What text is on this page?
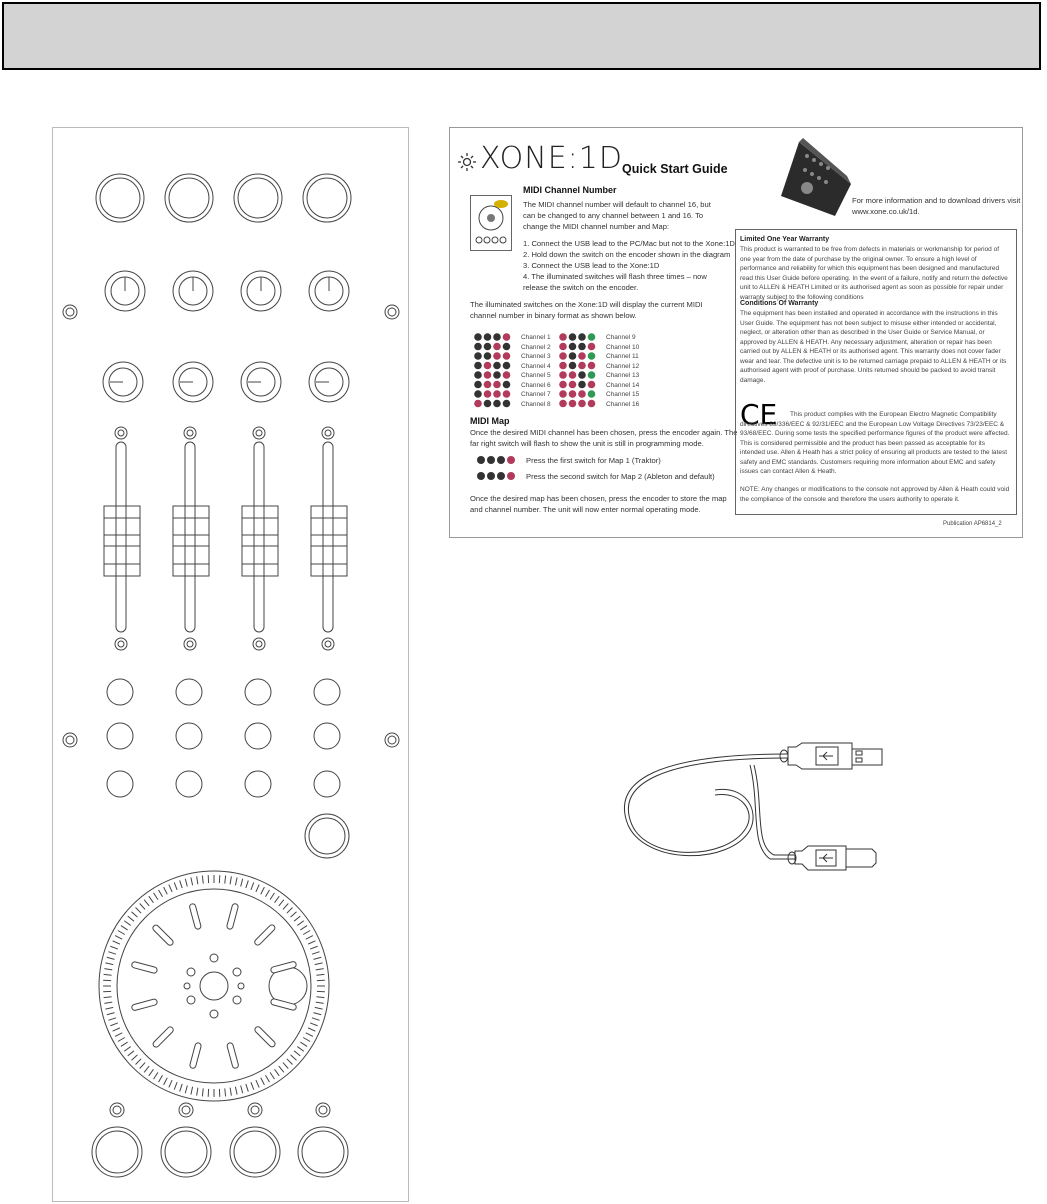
XONE:1D Quick Start Guide
MIDI Channel Number
The MIDI channel number will default to channel 16, but can be changed to any channel between 1 and 16. To change the MIDI channel number and Map:
1. Connect the USB lead to the PC/Mac but not to the Xone:1D
2. Hold down the switch on the encoder shown in the diagram
3. Connect the USB lead to the Xone:1D
4. The illuminated switches will flash three times – now release the switch on the encoder.
The illuminated switches on the Xone:1D will display the current MIDI channel number in binary format as shown below.
Channel 1
Channel 2
Channel 3
Channel 4
Channel 5
Channel 6
Channel 7
Channel 8
Channel 9
Channel 10
Channel 11
Channel 12
Channel 13
Channel 14
Channel 15
Channel 16
MIDI Map
Once the desired MIDI channel has been chosen, press the encoder again. The far right switch will flash to show the unit is still in programming mode.
Press the first switch for Map 1 (Traktor)
Press the second switch for Map 2 (Ableton and default)
Once the desired map has been chosen, press the encoder to store the map and channel number. The unit will now enter normal operating mode.
For more information and to download drivers visit www.xone.co.uk/1d.
Limited One Year Warranty
This product is warranted to be free from defects in materials or workmanship for period of one year from the date of purchase by the original owner. To ensure a high level of performance and reliability for which this equipment has been designed and manufactured read this User Guide before operating. In the event of a failure, notify and return the defective unit to ALLEN & HEATH Limited or its authorised agent as soon as possible for repair under warranty subject to the following conditions
Conditions Of Warranty
The equipment has been installed and operated in accordance with the instructions in this User Guide. The equipment has not been subject to misuse either intended or accidental, neglect, or alteration other than as described in the User Guide or Service Manual, or approved by ALLEN & HEATH. Any necessary adjustment, alteration or repair has been carried out by ALLEN & HEATH or its authorised agent. This warranty does not cover fader wear and tear. The defective unit is to be returned carriage prepaid to ALLEN & HEATH or its authorised agent with proof of purchase. Units returned should be packed to avoid transit damage.
CE	This product complies with the European Electro Magnetic Compatibility directives 89/336/EEC & 92/31/EEC and the European Low Voltage Directives 73/23/EEC & 93/68/EEC. During some tests the specified performance figures of the product were affected. This is considered permissible and the product has been passed as acceptable for its intended use. Allen & Heath has a strict policy of ensuring all products are tested to the latest safety and EMC standards. Customers requiring more information about EMC and safety issues can contact Allen & Heath.
NOTE: Any changes or modifications to the console not approved by Allen & Heath could void the compliance of the console and therefore the users authority to operate it.
Publication AP6814_2
